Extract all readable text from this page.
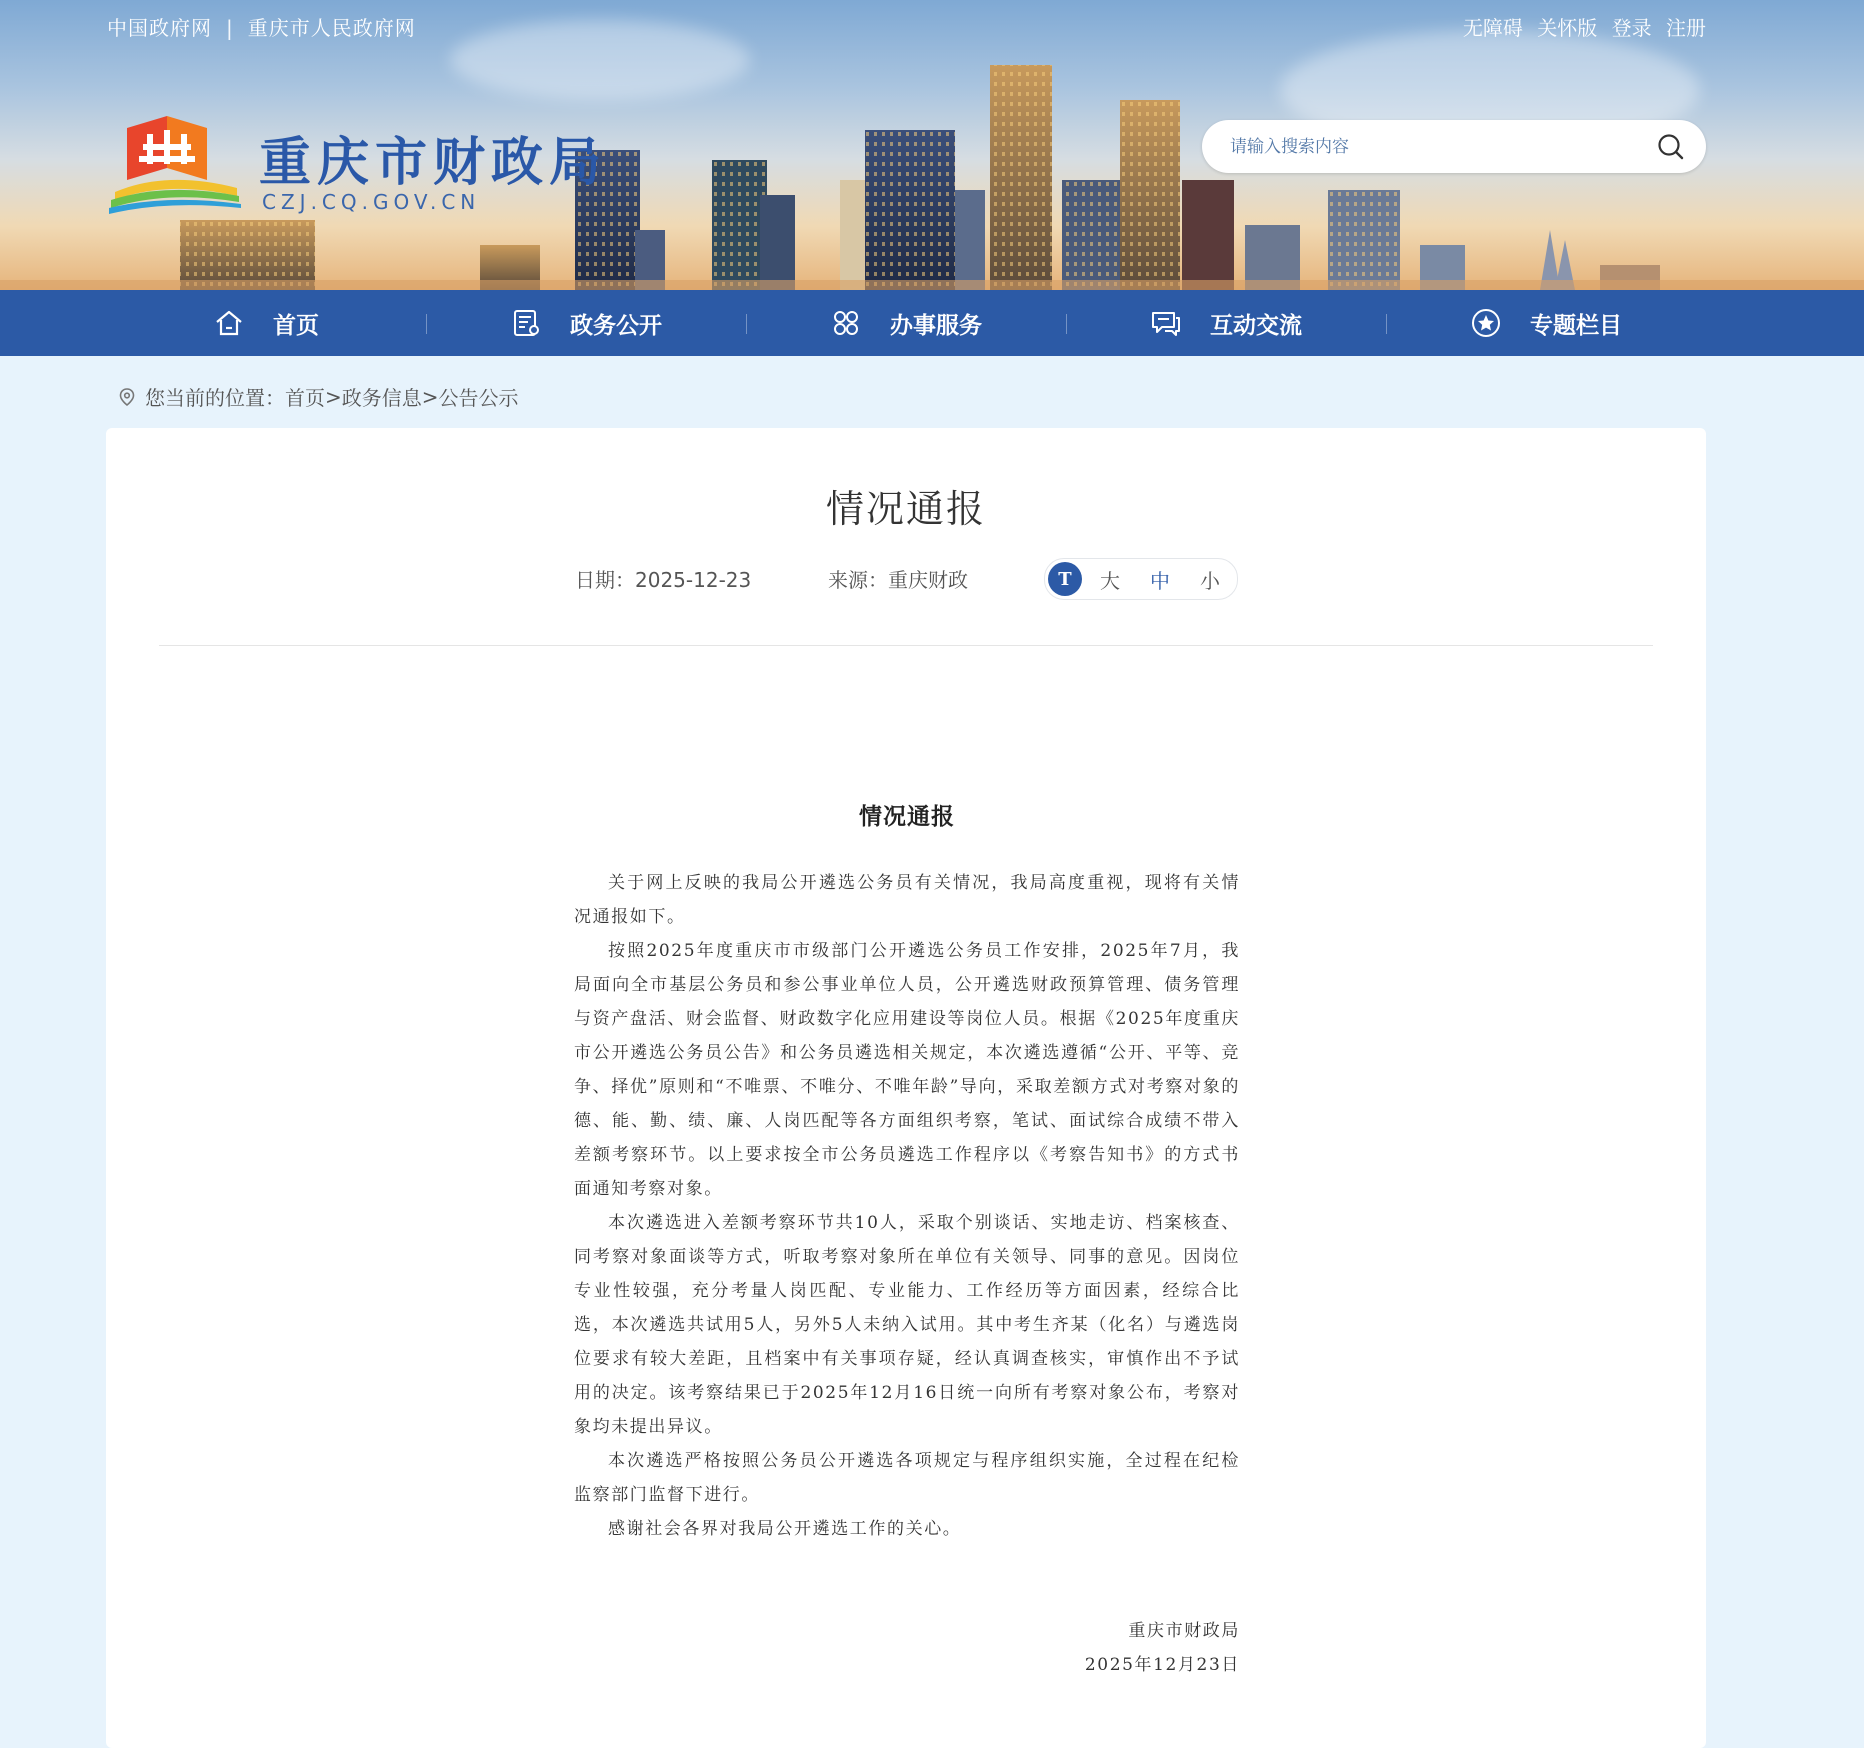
中国政府网 | 重庆市人民政府网	无障碍 关怀版 登录 注册
重庆市财政局
CZJ.CQ.GOV.CN
请输入搜索内容
首页	政务公开	办事服务	互动交流	专题栏目
您当前的位置： 首页 > 政务信息 > 公告公示
情况通报
日期：2025-12-23	来源：重庆财政	T	大 中 小
情况通报

关于网上反映的我局公开遴选公务员有关情况，我局高度重视，现将有关情况通报如下。

按照2025年度重庆市市级部门公开遴选公务员工作安排，2025年7月，我局面向全市基层公务员和参公事业单位人员，公开遴选财政预算管理、债务管理与资产盘活、财会监督、财政数字化应用建设等岗位人员。根据《2025年度重庆市公开遴选公务员公告》和公务员遴选相关规定，本次遴选遵循“公开、平等、竞争、择优”原则和“不唯票、不唯分、不唯年龄”导向，采取差额方式对考察对象的德、能、勤、绩、廉、人岗匹配等各方面组织考察，笔试、面试综合成绩不带入差额考察环节。以上要求按全市公务员遴选工作程序以《考察告知书》的方式书面通知考察对象。

本次遴选进入差额考察环节共10人，采取个别谈话、实地走访、档案核查、同考察对象面谈等方式，听取考察对象所在单位有关领导、同事的意见。因岗位专业性较强，充分考量人岗匹配、专业能力、工作经历等方面因素，经综合比选，本次遴选共试用5人，另外5人未纳入试用。其中考生齐某（化名）与遴选岗位要求有较大差距，且档案中有关事项存疑，经认真调查核实，审慎作出不予试用的决定。该考察结果已于2025年12月16日统一向所有考察对象公布，考察对象均未提出异议。

本次遴选严格按照公务员公开遴选各项规定与程序组织实施，全过程在纪检监察部门监督下进行。

感谢社会各界对我局公开遴选工作的关心。

重庆市财政局
2025年12月23日
